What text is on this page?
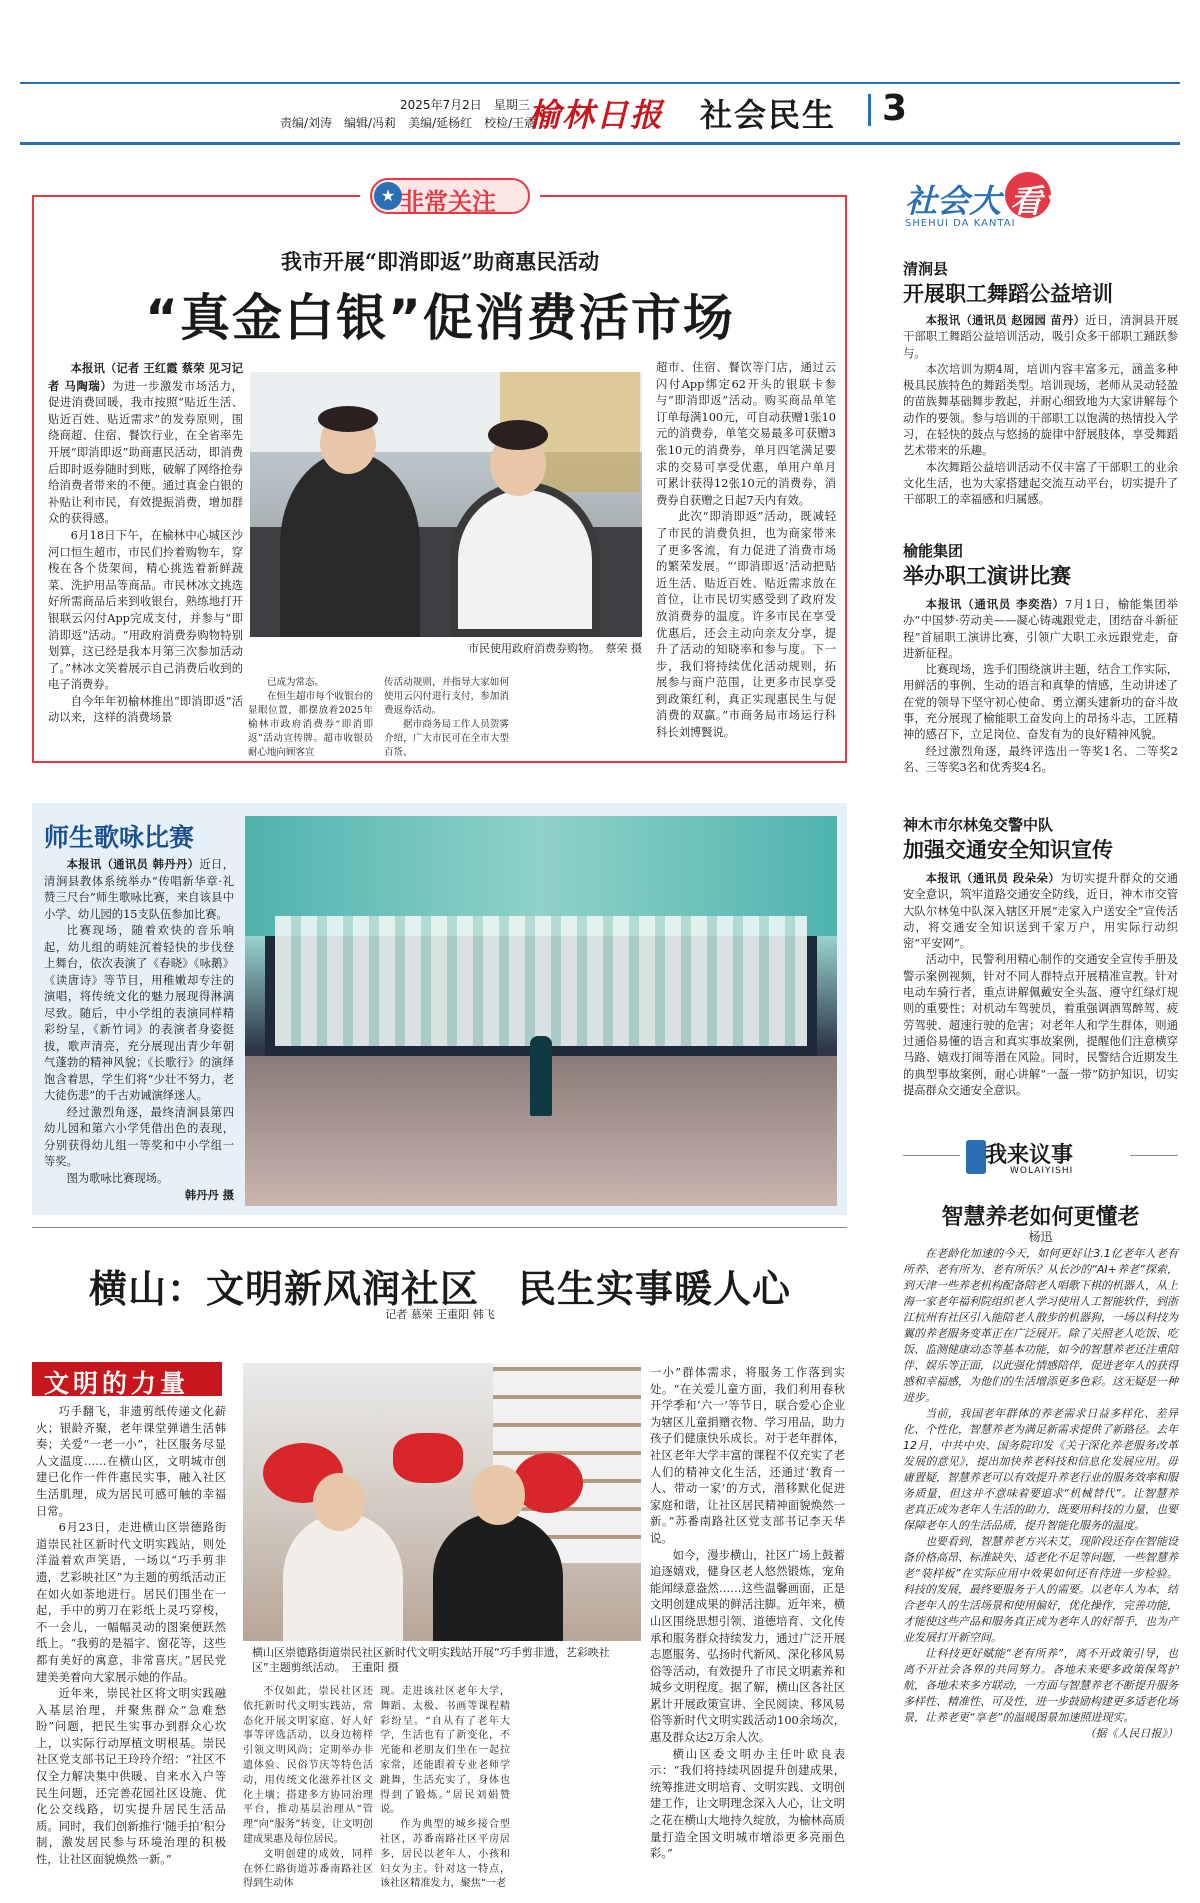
2025年7月2日　星期三
责编/刘涛　编辑/冯莉　美编/延杨红　校检/王震
榆林日报 社会民生 3
★ 非常关注
我市开展“即消即返”助商惠民活动
“真金白银”促消费活市场

本报讯（记者 王红霞 蔡荣 见习记者 马陶瑞）为进一步激发市场活力，促进消费回暖，我市按照“贴近生活、贴近百姓、贴近需求”的发券原则，围绕商超、住宿、餐饮行业，在全省率先开展“即消即返”助商惠民活动，即消费后即时返券随时到账，破解了网络抢券给消费者带来的不便。通过真金白银的补贴让利市民，有效提振消费，增加群众的获得感。

6月18日下午，在榆林中心城区沙河口恒生超市，市民们拎着购物车，穿梭在各个货架间，精心挑选着新鲜蔬菜、洗护用品等商品。市民林冰文挑选好所需商品后来到收银台，熟练地打开银联云闪付App完成支付，并参与“即消即返”活动。“用政府消费券购物特别划算，这已经是我本月第三次参加活动了。”林冰文笑着展示自己消费后收到的电子消费券。

自今年年初榆林推出“即消即返”活动以来，这样的消费场景

市民使用政府消费券购物。　蔡荣 摄

已成为常态。

在恒生超市每个收银台的显眼位置，都摆放着2025年榆林市政府消费券“即消即返”活动宣传牌。超市收银员耐心地向顾客宣

传活动规则，并指导大家如何使用云闪付进行支付，参加消费返券活动。

据市商务局工作人员贺雾介绍，广大市民可在全市大型百货、

超市、住宿、餐饮等门店，通过云闪付App绑定62开头的银联卡参与“即消即返”活动。购买商品单笔订单每满100元，可自动获赠1张10元的消费券，单笔交易最多可获赠3张10元的消费券，单月四笔满足要求的交易可享受优惠，单用户单月可累计获得12张10元的消费券，消费券自获赠之日起7天内有效。

此次“即消即返”活动，既减轻了市民的消费负担，也为商家带来了更多客流，有力促进了消费市场的繁荣发展。“‘即消即返’活动把贴近生活、贴近百姓、贴近需求放在首位，让市民切实感受到了政府发放消费券的温度。许多市民在享受优惠后，还会主动向亲友分享，提升了活动的知晓率和参与度。下一步，我们将持续优化活动规则，拓展参与商户范围，让更多市民享受到政策红利，真正实现惠民生与促消费的双赢。”市商务局市场运行科科长刘博賢说。

社会大 看台
SHEHUI DA KANTAI
清涧县
开展职工舞蹈公益培训

本报讯（通讯员 赵园园 苗丹）近日，清涧县开展干部职工舞蹈公益培训活动，吸引众多干部职工踊跃参与。

本次培训为期4周，培训内容丰富多元，涵盖多种极具民族特色的舞蹈类型。培训现场，老师从灵动轻盈的苗族舞基础舞步教起，并耐心细致地为大家讲解每个动作的要领。参与培训的干部职工以饱满的热情投入学习，在轻快的鼓点与悠扬的旋律中舒展肢体，享受舞蹈艺术带来的乐趣。

本次舞蹈公益培训活动不仅丰富了干部职工的业余文化生活，也为大家搭建起交流互动平台，切实提升了干部职工的幸福感和归属感。

榆能集团
举办职工演讲比赛

本报讯（通讯员 李奕浩）7月1日，榆能集团举办“中国梦·劳动美——凝心铸魂跟党走，团结奋斗新征程”首届职工演讲比赛，引领广大职工永远跟党走，奋进新征程。

比赛现场，选手们围绕演讲主题，结合工作实际，用鲜活的事例、生动的语言和真挚的情感，生动讲述了在党的领导下坚守初心使命、勇立潮头建新功的奋斗故事，充分展现了榆能职工奋发向上的昂扬斗志，工匠精神的感召下，立足岗位、奋发有为的良好精神风貌。

经过激烈角逐，最终评选出一等奖1名、二等奖2名、三等奖3名和优秀奖4名。

神木市尔林兔交警中队
加强交通安全知识宣传

本报讯（通讯员 段朵朵）为切实提升群众的交通安全意识，筑牢道路交通安全防线，近日，神木市交管大队尔林兔中队深入辖区开展“走家入户送安全”宣传活动，将交通安全知识送到千家万户，用实际行动织密“平安网”。

活动中，民警利用精心制作的交通安全宣传手册及警示案例视频，针对不同人群特点开展精准宣教。针对电动车骑行者，重点讲解佩戴安全头盔、遵守红绿灯规则的重要性；对机动车驾驶员，着重强调酒驾醉驾、疲劳驾驶、超速行驶的危害；对老年人和学生群体，则通过通俗易懂的语言和真实事故案例，提醒他们注意横穿马路、嬉戏打闹等潜在风险。同时，民警结合近期发生的典型事故案例，耐心讲解“一盔一带”防护知识，切实提高群众交通安全意识。

我来议事
WOLAIYISHI
智慧养老如何更懂老
杨迅

在老龄化加速的今天，如何更好让3.1亿老年人老有所养、老有所为、老有所乐？从长沙的“AI+养老”探索，到天津一些养老机构配备陪老人唱歌下棋的机器人，从上海一家老年福利院组织老人学习使用人工智能软件，到浙江杭州有社区引入能陪老人散步的机器狗，一场以科技为翼的养老服务变革正在广泛展开。除了关照老人吃饭、吃饭、监测健康动态等基本功能，如今的智慧养老还注重陪伴、娱乐等正面，以此强化情感陪伴，促进老年人的获得感和幸福感，为他们的生活增添更多色彩。这无疑是一种进步。

当前，我国老年群体的养老需求日益多样化、差异化、个性化，智慧养老为满足新需求提供了新路径。去年12月，中共中央、国务院印发《关于深化养老服务改革发展的意见》，提出加快养老科技和信息化发展应用。毋庸置疑，智慧养老可以有效提升养老行业的服务效率和服务质量，但这并不意味着要追求“机械替代”。让智慧养老真正成为老年人生活的助力，既要用科技的力量，也要保障老年人的生活品质，提升智能化服务的温度。

也要看到，智慧养老方兴未艾，现阶段还存在智能设备价格高昂、标准缺失、适老化不足等问题，一些智慧养老“装样板”在实际应用中效果如何还有待进一步检验。科技的发展，最终要服务于人的需要。以老年人为本，结合老年人的生活场景和使用偏好，优化操作，完善功能，才能使这些产品和服务真正成为老年人的好帮手，也为产业发展打开新空间。

让科技更好赋能“老有所养”，离不开政策引导，也离不开社会各界的共同努力。各地未来要多政策保驾护航，各地未来多方联动，一方面与智慧养老不断提升服务多样性、精准性、可及性，进一步鼓励构建更多适老化场景，让养老更“享老”的温暖图景加速照进现实。

（据《人民日报》）
师生歌咏比赛

本报讯（通讯员 韩丹丹）近日，清涧县教体系统举办“传唱新华章·礼赞三尺台”师生歌咏比赛，来自该县中小学、幼儿园的15支队伍参加比赛。

比赛现场，随着欢快的音乐响起，幼儿组的萌娃沉着轻快的步伐登上舞台，依次表演了《春晓》《咏鹅》《读唐诗》等节目，用稚嫩却专注的演唱，将传统文化的魅力展现得淋漓尽致。随后，中小学组的表演同样精彩纷呈，《新竹词》的表演者身姿挺拔，歌声清亮，充分展现出青少年朝气蓬勃的精神风貌；《长歌行》的演绎饱含着思，学生们将“少壮不努力，老大徒伤悲”的千古劝诫演绎迷人。

经过激烈角逐，最终清涧县第四幼儿园和第六小学凭借出色的表现，分别获得幼儿组一等奖和中小学组一等奖。

图为歌咏比赛现场。

韩丹丹 摄
横山：文明新风润社区　民生实事暖人心
记者 慕荣 王重阳 韩飞
文明的力量

巧手翻飞，非遗剪纸传递文化薪火；银龄齐聚，老年课堂弹谱生活韩奏；关爱“一老一小”，社区服务尽显人文温度……在横山区，文明城市创建已化作一件件惠民实事，融入社区生活肌理，成为居民可感可触的幸福日常。

6月23日，走进横山区崇德路街道崇民社区新时代文明实践站，则处洋溢着欢声笑语，一场以“巧手剪非遗，艺彩映社区”为主题的剪纸活动正在如火如荼地进行。居民们围坐在一起，手中的剪刀在彩纸上灵巧穿梭，不一会儿，一幅幅灵动的图案便跃然纸上。“我剪的是福字、窗花等，这些都有美好的寓意，非常喜庆。”居民党建美美着向大家展示她的作品。

近年来，崇民社区将文明实践融入基层治理，并聚焦群众“急难愁盼”问题，把民生实事办到群众心坎上，以实际行动厚植文明根基。崇民社区党支部书记王玲玲介绍：“社区不仅全力解决集中供暖、自来水入户等民生问题，还完善花园社区设施、优化公交线路，切实提升居民生活品质。同时，我们创新推行‘随手拍’积分制，激发居民参与环境治理的积极性，让社区面貌焕然一新。”

横山区崇德路街道崇民社区新时代文明实践站开展“巧手剪非遗，艺彩映社区”主题剪纸活动。　王重阳 摄

不仅如此，崇民社区还依托新时代文明实践站，常态化开展文明家庭、好人好事等评选活动，以身边榜样引领文明风尚；定期举办非遗体验、民俗节庆等特色活动，用传统文化滋养社区文化土壤；搭建多方协同治理平台，推动基层治理从“管理”向“服务”转变，让文明创建成果惠及每位居民。

文明创建的成效，同样在怀仁路街道苏番南路社区得到生动体

现。走进该社区老年大学，舞蹈、太极、书画等课程精彩纷呈。“自从有了老年大学，生活也有了新变化，不光能和老朋友们坐在一起拉家常，还能跟着专业老师学跳舞，生活充实了，身体也得到了锻炼。”居民刘娟赞说。

作为典型的城乡接合型社区，苏番南路社区平房居多，居民以老年人、小孩和妇女为主。针对这一特点，该社区精准发力，聚焦“一老

一小”群体需求，将服务工作落到实处。“在关爱儿童方面，我们利用春秋开学季和‘六一’等节日，联合爱心企业为辖区儿童捐赠衣物、学习用品，助力孩子们健康快乐成长。对于老年群体，社区老年大学丰富的课程不仅充实了老人们的精神文化生活，还通过‘教育一人、带动一家’的方式，潜移默化促进家庭和谐，让社区居民精神面貌焕然一新。”苏番南路社区党支部书记李天华说。

如今，漫步横山，社区广场上鼓蓄追逐嬉戏，健身区老人悠然锻炼，宠角能闻绿意盎然……这些温馨画面，正是文明创建成果的鲜活注脚。近年来，横山区围绕思想引领、道德培育、文化传承和服务群众持续发力，通过广泛开展志愿服务、弘扬时代新风、深化移风易俗等活动，有效提升了市民文明素养和城乡文明程度。据了解，横山区各社区累计开展政策宣讲、全民阅读、移风易俗等新时代文明实践活动100余场次，惠及群众达2万余人次。

横山区委文明办主任叶欧良表示：“我们将持续巩固提升创建成果，统筹推进文明培育、文明实践、文明创建工作，让文明理念深入人心，让文明之花在横山大地持久绽放，为榆林高质量打造全国文明城市增添更多亮丽色彩。”
